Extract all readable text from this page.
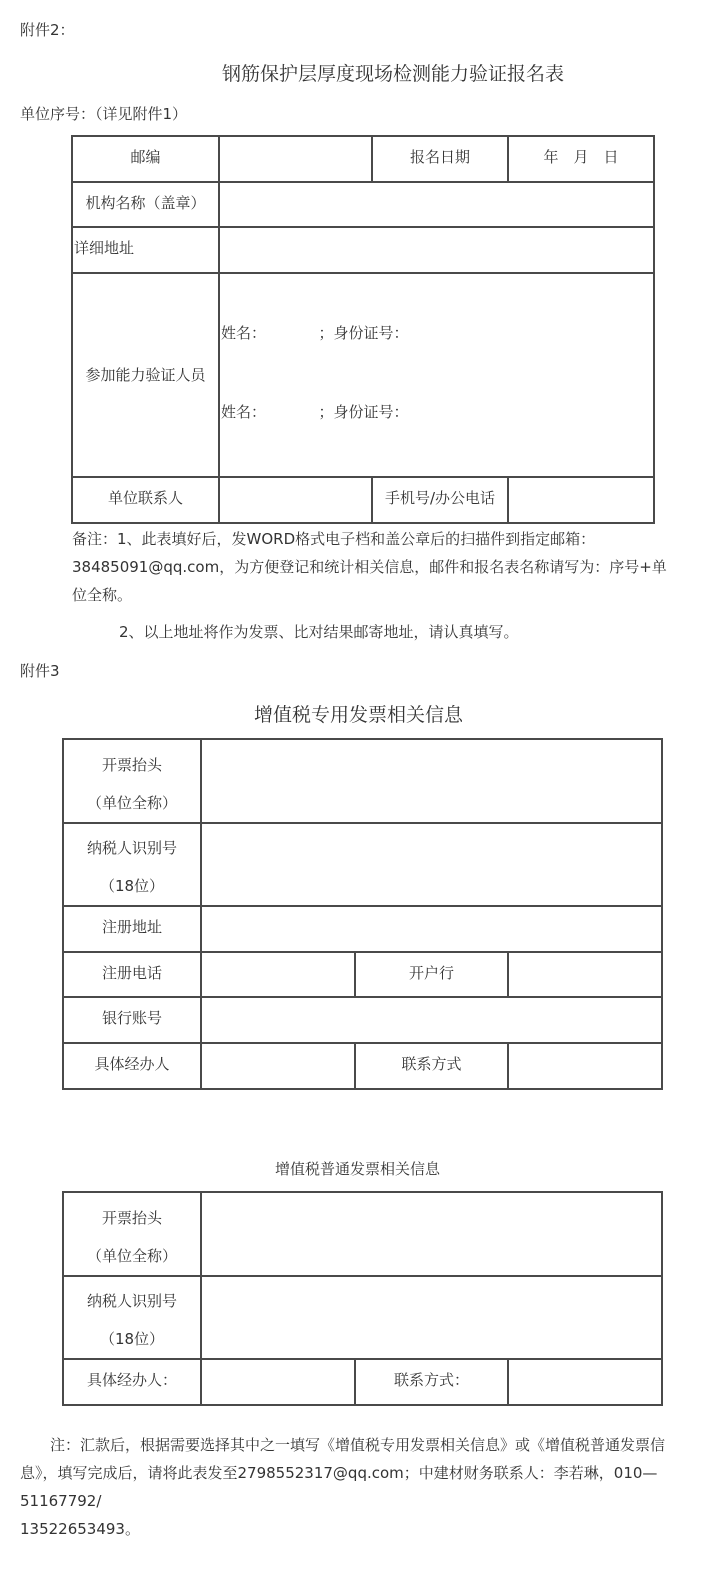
附件2：
钢筋保护层厚度现场检测能力验证报名表
单位序号：（详见附件1）
邮编		报名日期	年　月　日
机构名称（盖章）			
详细地址			
参加能力验证人员	姓名：　　　　；身份证号：
姓名：　　　　；身份证号：		

单位联系人		手机号/办公电话	
备注：1、此表填好后，发WORD格式电子档和盖公章后的扫描件到指定邮箱：
38485091@qq.com，为方便登记和统计相关信息，邮件和报名表名称请写为：序号+单
位全称。
2、以上地址将作为发票、比对结果邮寄地址，请认真填写。
附件3
增值税专用发票相关信息
开票抬头
（单位全称）			

纳税人识别号
（18位）			

注册地址			
注册电话		开户行	
银行账号			
具体经办人		联系方式	
增值税普通发票相关信息
开票抬头
（单位全称）			

纳税人识别号
（18位）			

具体经办人：		联系方式：	
　　注：汇款后，根据需要选择其中之一填写《增值税专用发票相关信息》或《增值税普通发票信
息》，填写完成后，请将此表发至2798552317@qq.com；中建材财务联系人：李若琳，010—
51167792/
13522653493。
